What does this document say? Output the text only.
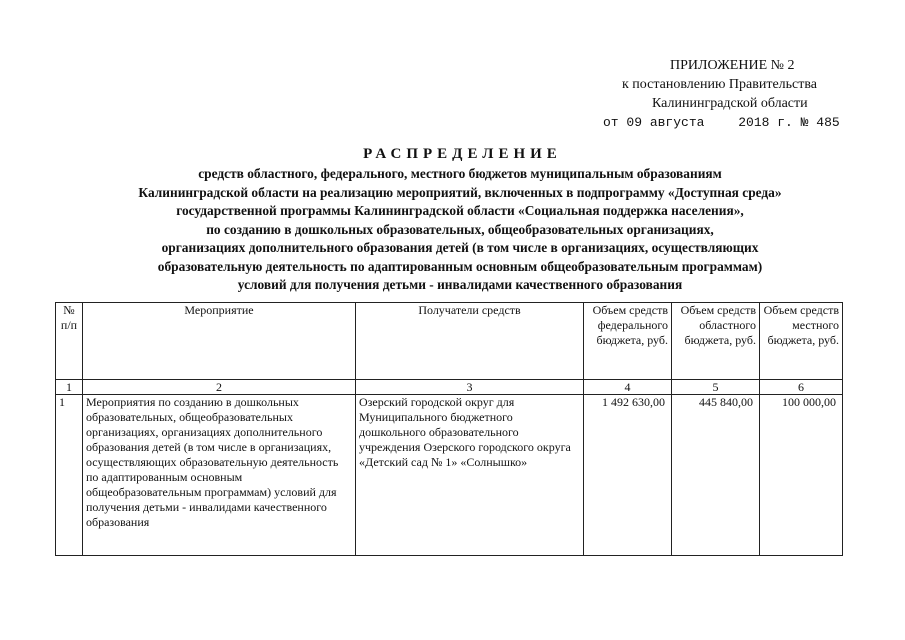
ПРИЛОЖЕНИЕ № 2
к постановлению Правительства
Калининградской области
от 09 августа	2018 г. № 485
РАСПРЕДЕЛЕНИЕ
средств областного, федерального, местного бюджетов муниципальным образованиям
Калининградской области на реализацию мероприятий, включенных в подпрограмму «Доступная среда»
государственной программы Калининградской области «Социальная поддержка населения»,
по созданию в дошкольных образовательных, общеобразовательных организациях,
организациях дополнительного образования детей (в том числе в организациях, осуществляющих
образовательную деятельность по адаптированным основным общеобразовательным программам)
условий для получения детьми - инвалидами качественного образования
№ п/п	Мероприятие	Получатели средств	Объем средств федерального бюджета, руб.	Объем средств областного бюджета, руб.	Объем средств местного бюджета, руб.
1	2	3	4	5	6
1	Мероприятия по созданию в дошкольных образовательных, общеобразовательных организациях, организациях дополнительного образования детей (в том числе в организациях, осуществляющих образовательную деятельность по адаптированным основным общеобразовательным программам) условий для получения детьми - инвалидами качественного образования	Озерский городской округ для Муниципального бюджетного дошкольного образовательного учреждения Озерского городского округа «Детский сад № 1» «Солнышко»	1 492 630,00	445 840,00	100 000,00
